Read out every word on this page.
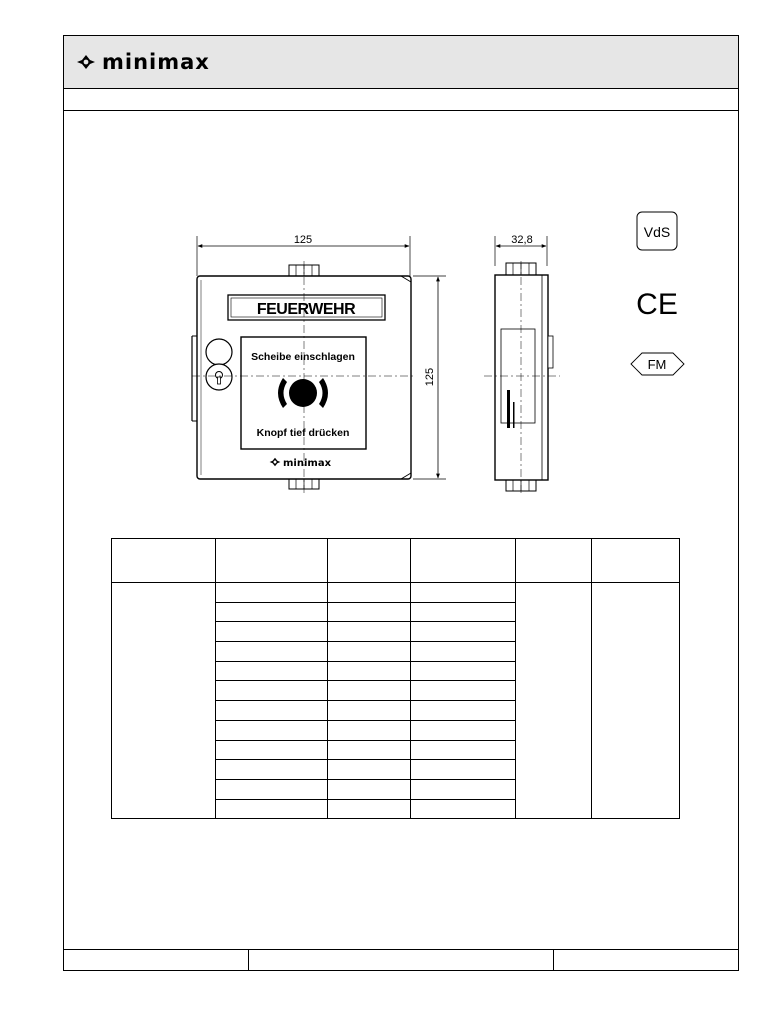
minimax
125
FEUERWEHR
Scheibe einschlagen
Knopf tief drücken
minimax
125
32,8	VdS
CE
FM
